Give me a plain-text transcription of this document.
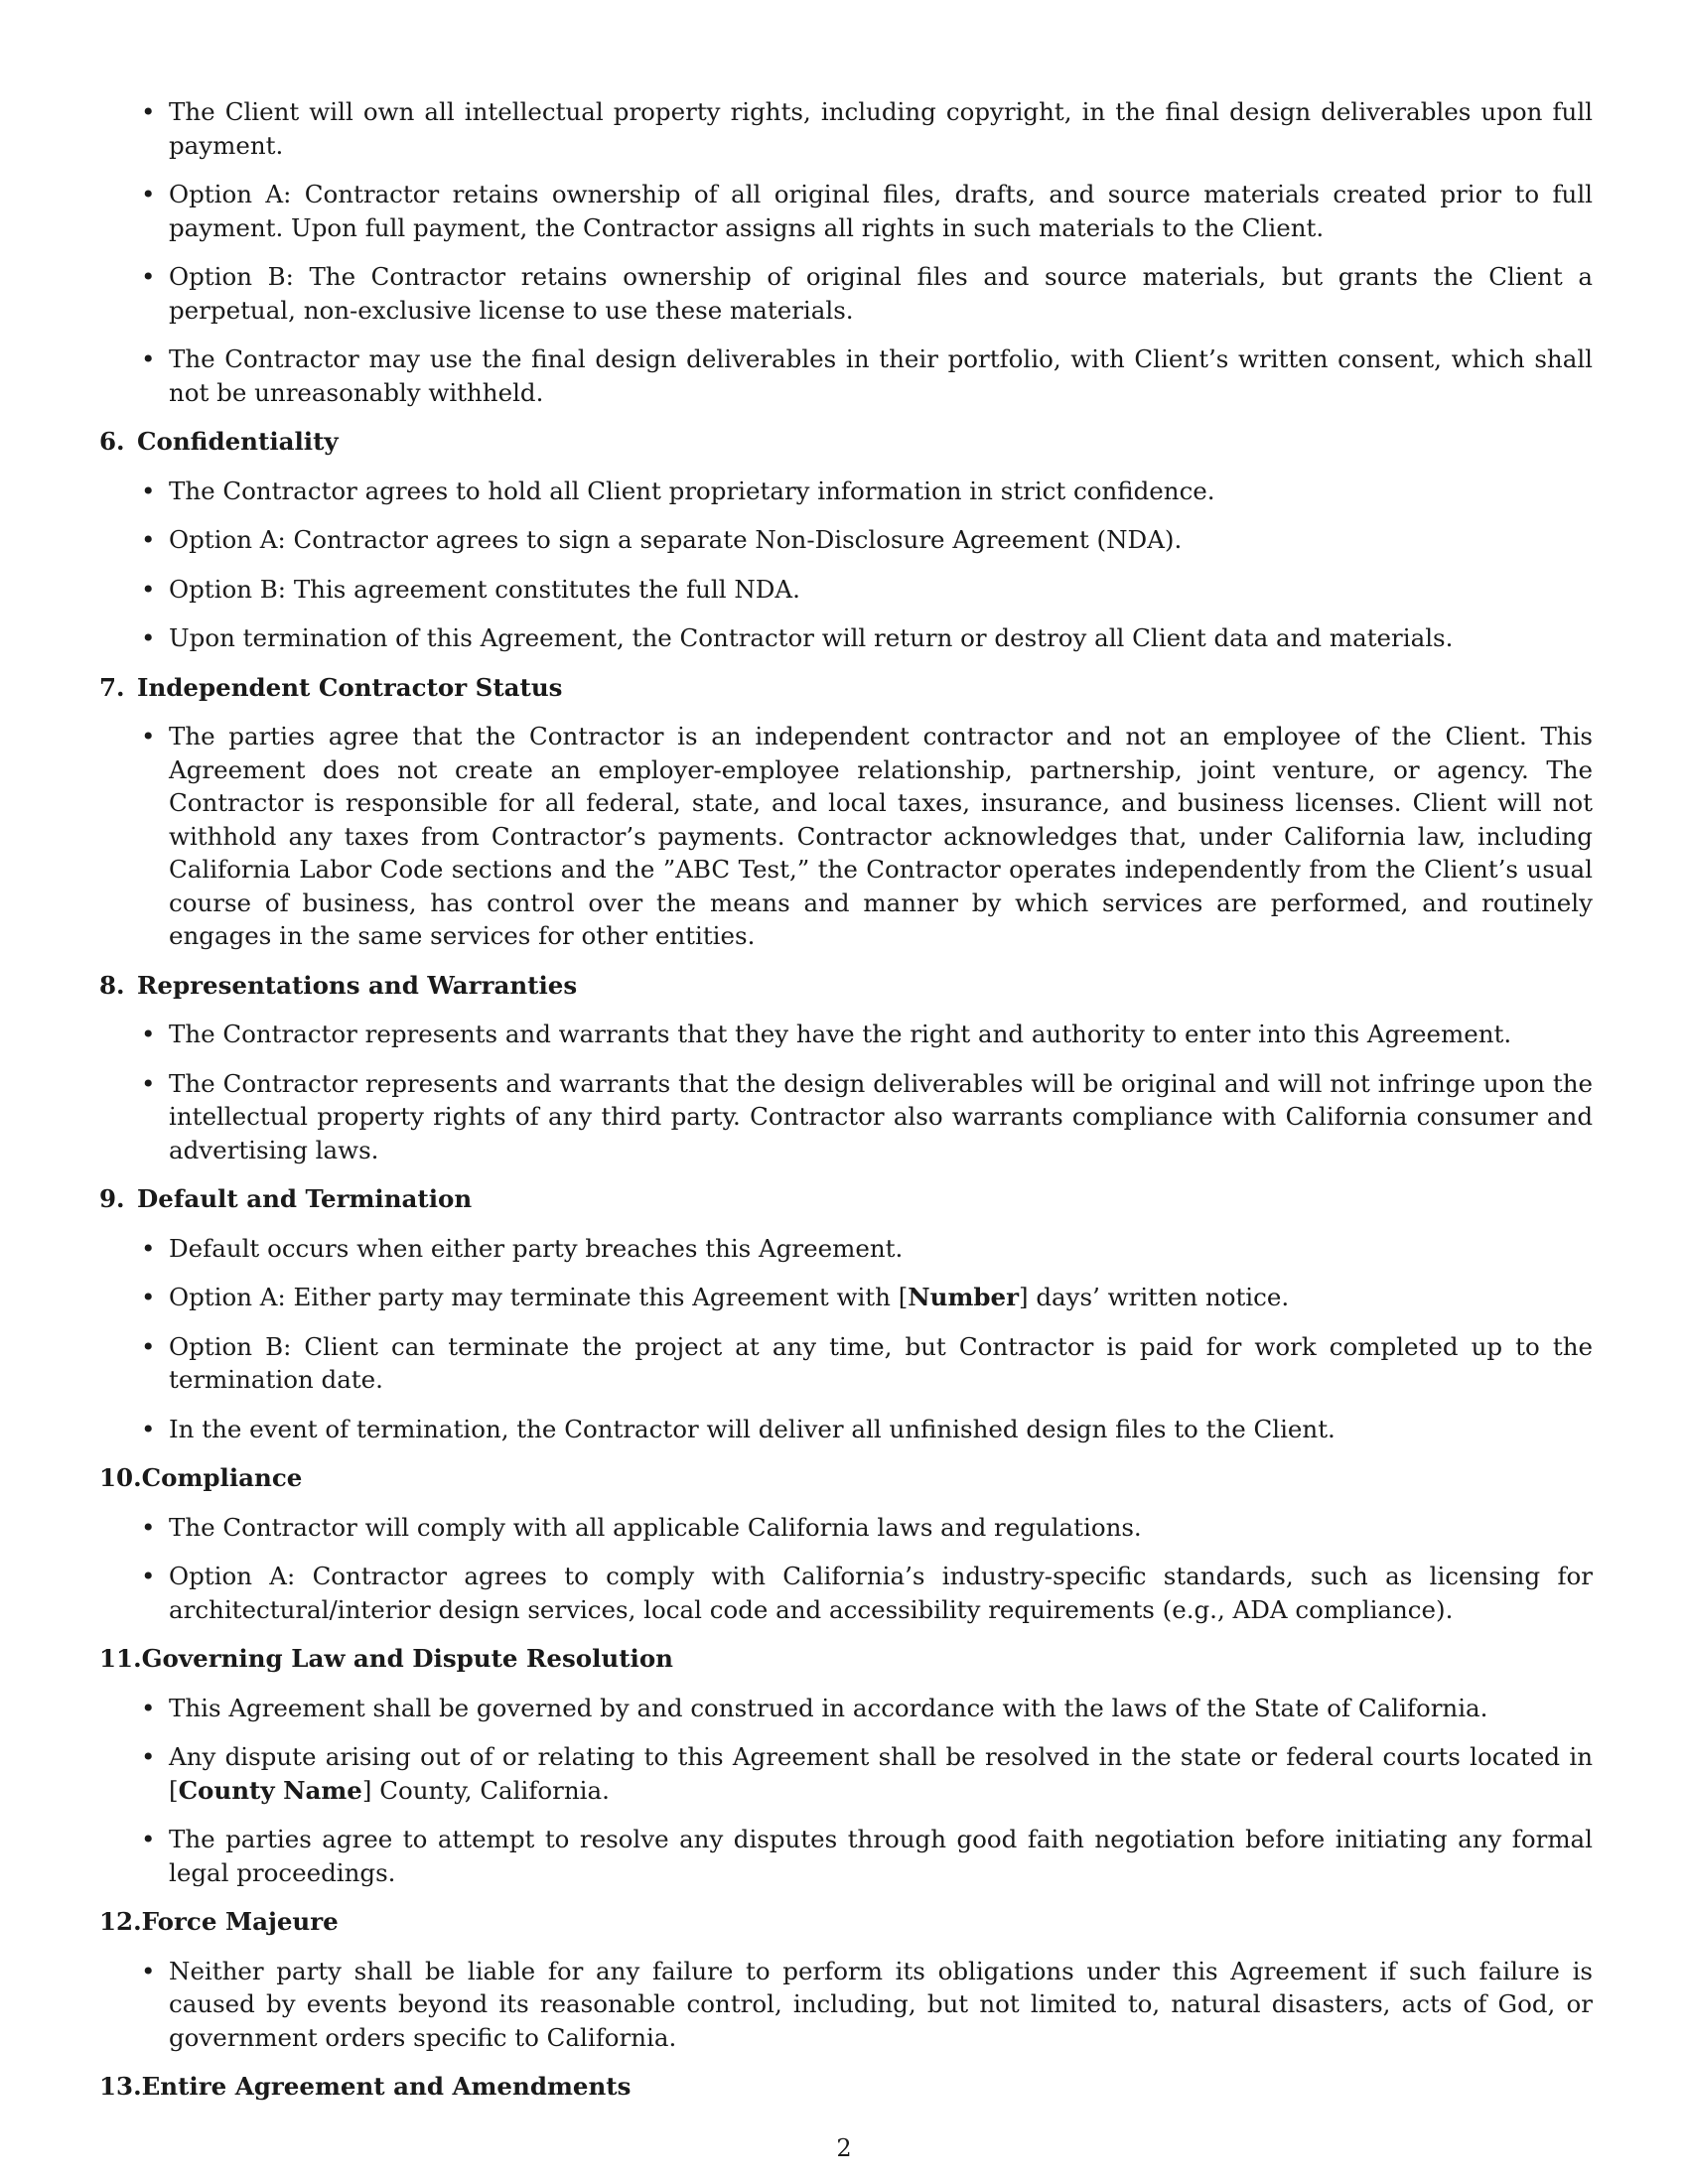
• The Client will own all intellectual property rights, including copyright, in the final design deliverables upon full payment.
• Option A: Contractor retains ownership of all original files, drafts, and source materials created prior to full payment. Upon full payment, the Contractor assigns all rights in such materials to the Client.
• Option B: The Contractor retains ownership of original files and source materials, but grants the Client a perpetual, non-exclusive license to use these materials.
• The Contractor may use the final design deliverables in their portfolio, with Client’s written consent, which shall not be unreasonably withheld.
6. Confidentiality
• The Contractor agrees to hold all Client proprietary information in strict confidence.
• Option A: Contractor agrees to sign a separate Non-Disclosure Agreement (NDA).
• Option B: This agreement constitutes the full NDA.
• Upon termination of this Agreement, the Contractor will return or destroy all Client data and materials.
7. Independent Contractor Status
• The parties agree that the Contractor is an independent contractor and not an employee of the Client. This Agreement does not create an employer-employee relationship, partnership, joint venture, or agency. The Contractor is responsible for all federal, state, and local taxes, insurance, and business licenses. Client will not withhold any taxes from Contractor’s payments. Contractor acknowledges that, under California law, including California Labor Code sections and the ”ABC Test,” the Contractor operates independently from the Client’s usual course of business, has control over the means and manner by which services are performed, and routinely engages in the same services for other entities.
8. Representations and Warranties
• The Contractor represents and warrants that they have the right and authority to enter into this Agreement.
• The Contractor represents and warrants that the design deliverables will be original and will not infringe upon the intellectual property rights of any third party. Contractor also warrants compliance with California consumer and advertising laws.
9. Default and Termination
• Default occurs when either party breaches this Agreement.
• Option A: Either party may terminate this Agreement with [Number] days’ written notice.
• Option B: Client can terminate the project at any time, but Contractor is paid for work completed up to the termination date.
• In the event of termination, the Contractor will deliver all unfinished design files to the Client.
10.Compliance
• The Contractor will comply with all applicable California laws and regulations.
• Option A: Contractor agrees to comply with California’s industry-specific standards, such as licensing for architectural/interior design services, local code and accessibility requirements (e.g., ADA compliance).
11.Governing Law and Dispute Resolution
• This Agreement shall be governed by and construed in accordance with the laws of the State of California.
• Any dispute arising out of or relating to this Agreement shall be resolved in the state or federal courts located in [County Name] County, California.
• The parties agree to attempt to resolve any disputes through good faith negotiation before initiating any formal legal proceedings.
12.Force Majeure
• Neither party shall be liable for any failure to perform its obligations under this Agreement if such failure is caused by events beyond its reasonable control, including, but not limited to, natural disasters, acts of God, or government orders specific to California.
13.Entire Agreement and Amendments
2
